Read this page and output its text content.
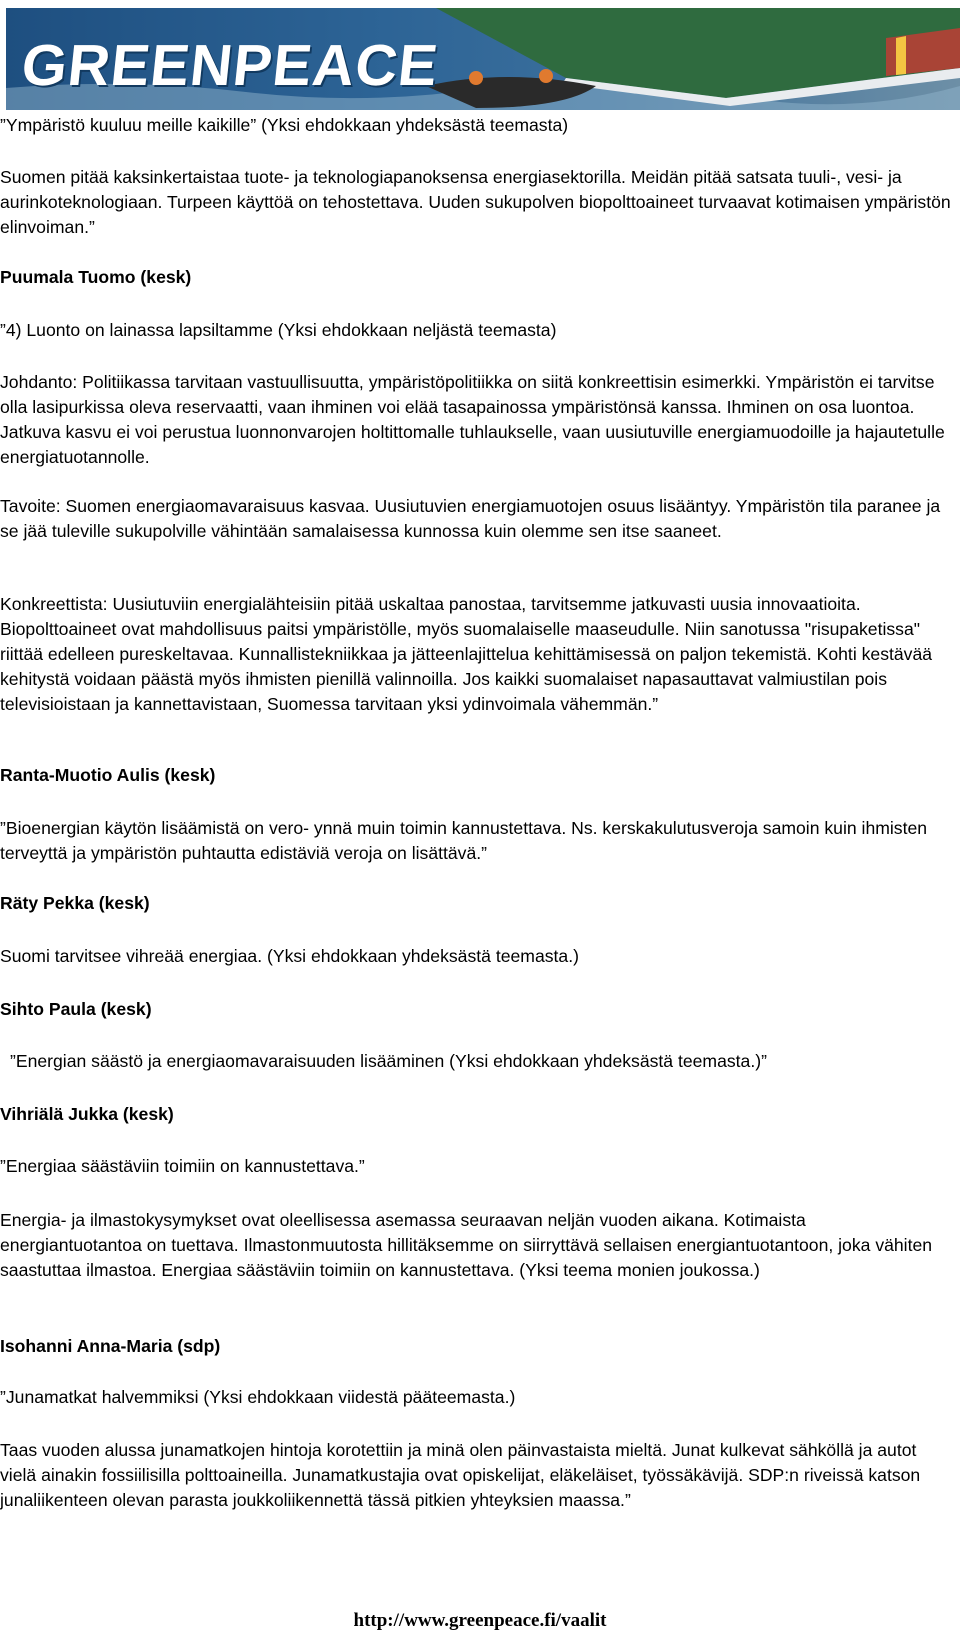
GREENPEACE

”Ympäristö kuuluu meille kaikille” (Yksi ehdokkaan yhdeksästä teemasta)

Suomen pitää kaksinkertaistaa tuote- ja teknologiapanoksensa energiasektorilla. Meidän pitää satsata tuuli-, vesi- ja aurinkoteknologiaan. Turpeen käyttöä on tehostettava. Uuden sukupolven biopolttoaineet turvaavat kotimaisen ympäristön elinvoiman.”

Puumala Tuomo (kesk)

”4) Luonto on lainassa lapsiltamme (Yksi ehdokkaan neljästä teemasta)

Johdanto: Politiikassa tarvitaan vastuullisuutta, ympäristöpolitiikka on siitä konkreettisin esimerkki. Ympäristön ei tarvitse olla lasipurkissa oleva reservaatti, vaan ihminen voi elää tasapainossa ympäristönsä kanssa. Ihminen on osa luontoa. Jatkuva kasvu ei voi perustua luonnonvarojen holtittomalle tuhlaukselle, vaan uusiutuville energiamuodoille ja hajautetulle energiatuotannolle.

Tavoite: Suomen energiaomavaraisuus kasvaa. Uusiutuvien energiamuotojen osuus lisääntyy. Ympäristön tila paranee ja se jää tuleville sukupolville vähintään samalaisessa kunnossa kuin olemme sen itse saaneet.

Konkreettista: Uusiutuviin energialähteisiin pitää uskaltaa panostaa, tarvitsemme jatkuvasti uusia innovaatioita. Biopolttoaineet ovat mahdollisuus paitsi ympäristölle, myös suomalaiselle maaseudulle. Niin sanotussa "risupaketissa" riittää edelleen pureskeltavaa. Kunnallistekniikkaa ja jätteenlajittelua kehittämisessä on paljon tekemistä. Kohti kestävää kehitystä voidaan päästä myös ihmisten pienillä valinnoilla. Jos kaikki suomalaiset napasauttavat valmiustilan pois televisioistaan ja kannettavistaan, Suomessa tarvitaan yksi ydinvoimala vähemmän.”

Ranta-Muotio Aulis (kesk)

”Bioenergian käytön lisäämistä on vero- ynnä muin toimin kannustettava. Ns. kerskakulutusveroja samoin kuin ihmisten terveyttä ja ympäristön puhtautta edistäviä veroja on lisättävä.”

Räty Pekka (kesk)

Suomi tarvitsee vihreää energiaa. (Yksi ehdokkaan yhdeksästä teemasta.)

Sihto Paula (kesk)

”Energian säästö ja energiaomavaraisuuden lisääminen (Yksi ehdokkaan yhdeksästä teemasta.)”

Vihriälä Jukka (kesk)

”Energiaa säästäviin toimiin on kannustettava.”

Energia- ja ilmastokysymykset ovat oleellisessa asemassa seuraavan neljän vuoden aikana. Kotimaista energiantuotantoa on tuettava. Ilmastonmuutosta hillitäksemme on siirryttävä sellaisen energiantuotantoon, joka vähiten saastuttaa ilmastoa. Energiaa säästäviin toimiin on kannustettava. (Yksi teema monien joukossa.)

Isohanni Anna-Maria (sdp)

”Junamatkat halvemmiksi (Yksi ehdokkaan viidestä pääteemasta.)

Taas vuoden alussa junamatkojen hintoja korotettiin ja minä olen päinvastaista mieltä. Junat kulkevat sähköllä ja autot vielä ainakin fossiilisilla polttoaineilla. Junamatkustajia ovat opiskelijat, eläkeläiset, työssäkävijä. SDP:n riveissä katson junaliikenteen olevan parasta joukkoliikennettä tässä pitkien yhteyksien maassa.”

http://www.greenpeace.fi/vaalit
